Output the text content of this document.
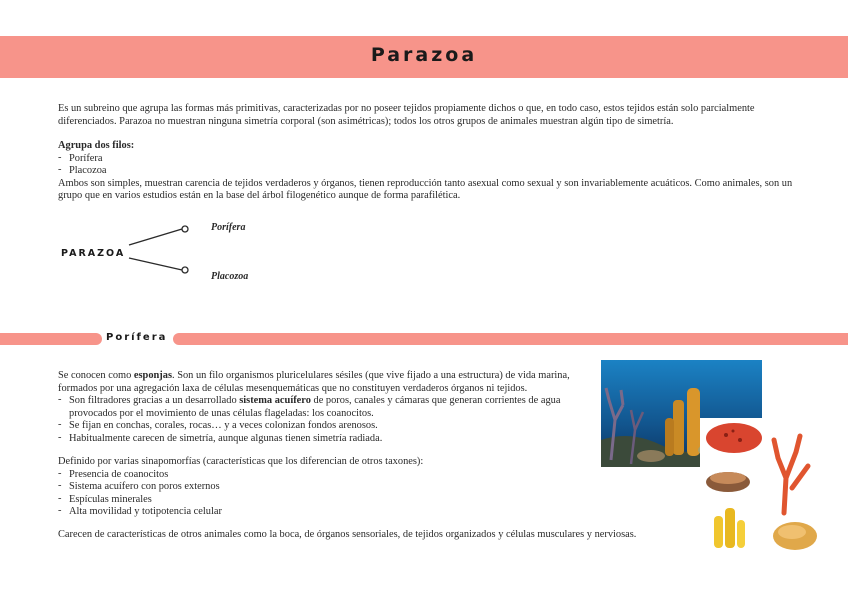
Parazoa
Es un subreino que agrupa las formas más primitivas, caracterizadas por no poseer tejidos propiamente dichos o que, en todo caso, estos tejidos están solo parcialmente diferenciados. Parazoa no muestran ninguna simetría corporal (son asimétricas); todos los otros grupos de animales muestran algún tipo de simetría.
Agrupa dos filos:
- Porífera
- Placozoa
Ambos son simples, muestran carencia de tejidos verdaderos y órganos, tienen reproducción tanto asexual como sexual y son invariablemente acuáticos. Como animales, son un grupo que en varios estudios están en la base del árbol filogenético aunque de forma parafilética.
PARAZOA
Porífera
Placozoa
Porífera
Se conocen como esponjas. Son un filo organismos pluricelulares sésiles (que vive fijado a una estructura) de vida marina, formados por una agregación laxa de células mesenquemáticas que no constituyen verdaderos órganos ni tejidos.
- Son filtradores gracias a un desarrollado sistema acuífero de poros, canales y cámaras que generan corrientes de agua provocados por el movimiento de unas células flageladas: los coanocitos.
- Se fijan en conchas, corales, rocas… y a veces colonizan fondos arenosos.
- Habitualmente carecen de simetría, aunque algunas tienen simetría radiada.
Definido por varias sinapomorfías (características que los diferencian de otros taxones):
- Presencia de coanocitos
- Sistema acuífero con poros externos
- Espículas minerales
- Alta movilidad y totipotencia celular
Carecen de características de otros animales como la boca, de órganos sensoriales, de tejidos organizados y células musculares y nerviosas.
